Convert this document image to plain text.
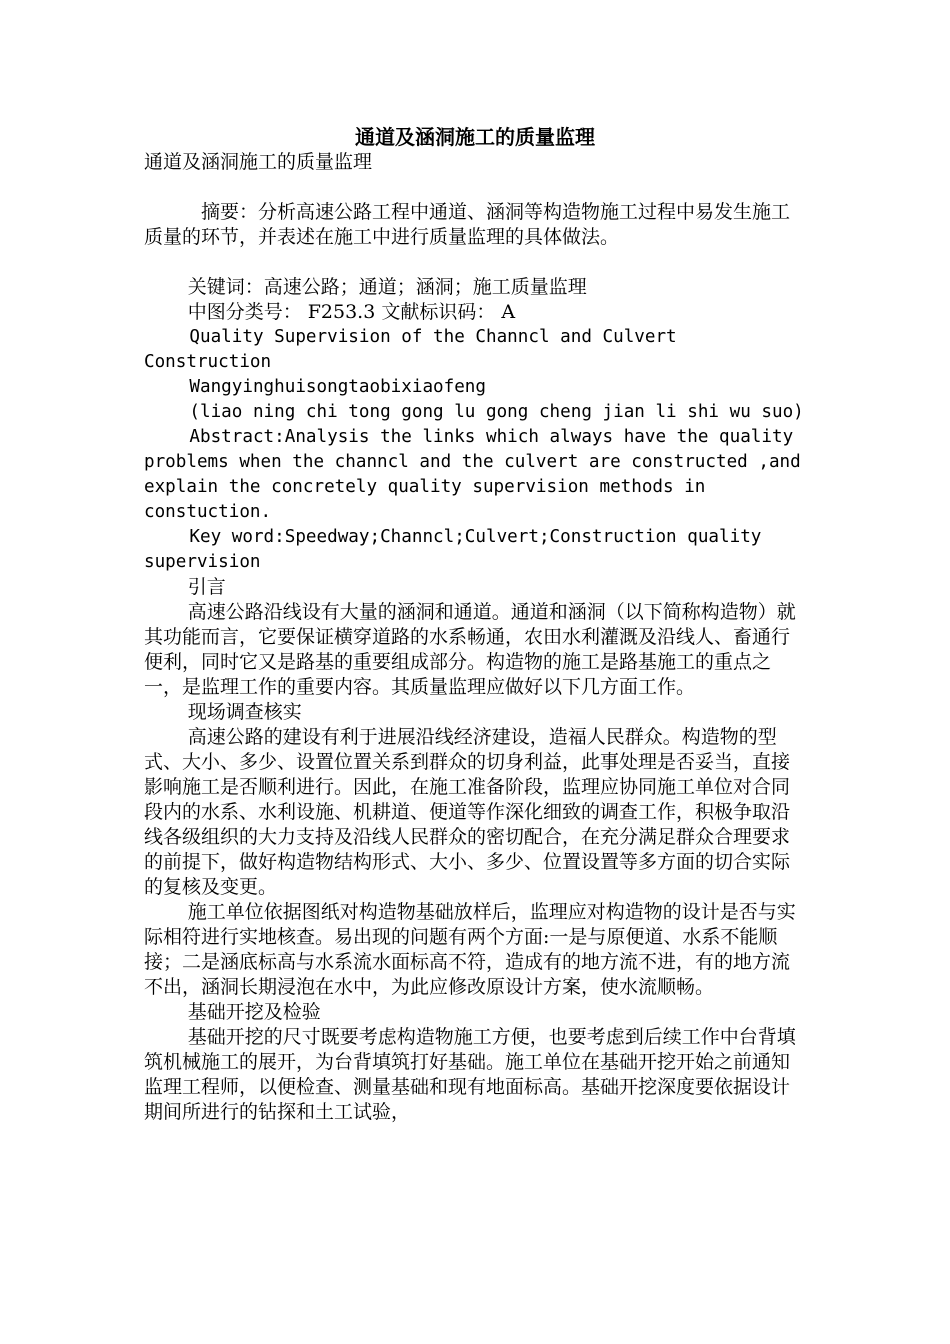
通道及涵洞施工的质量监理

通道及涵洞施工的质量监理

摘要：分析高速公路工程中通道、涵洞等构造物施工过程中易发生施工质量的环节，并表述在施工中进行质量监理的具体做法。

关键词：高速公路；通道；涵洞；施工质量监理

中图分类号： F253.3 文献标识码： A

Quality Supervision of the Channcl and Culvert Construction

Wangyinghuisongtaobixiaofeng

(liao ning chi tong gong lu gong cheng jian li shi wu suo)

Abstract:Analysis the links which always have the quality problems when the channcl and the culvert are constructed ,and explain the concretely quality supervision methods in constuction.

Key word:Speedway;Channcl;Culvert;Construction quality supervision

引言

高速公路沿线设有大量的涵洞和通道。通道和涵洞（以下简称构造物）就其功能而言，它要保证横穿道路的水系畅通，农田水利灌溉及沿线人、畜通行便利，同时它又是路基的重要组成部分。构造物的施工是路基施工的重点之一，是监理工作的重要内容。其质量监理应做好以下几方面工作。

现场调查核实

高速公路的建设有利于进展沿线经济建设，造福人民群众。构造物的型式、大小、多少、设置位置关系到群众的切身利益，此事处理是否妥当，直接影响施工是否顺利进行。因此，在施工准备阶段，监理应协同施工单位对合同段内的水系、水利设施、机耕道、便道等作深化细致的调查工作，积极争取沿线各级组织的大力支持及沿线人民群众的密切配合，在充分满足群众合理要求的前提下，做好构造物结构形式、大小、多少、位置设置等多方面的切合实际的复核及变更。

施工单位依据图纸对构造物基础放样后，监理应对构造物的设计是否与实际相符进行实地核查。易出现的问题有两个方面:一是与原便道、水系不能顺接；二是涵底标高与水系流水面标高不符，造成有的地方流不进，有的地方流不出，涵洞长期浸泡在水中，为此应修改原设计方案，使水流顺畅。

基础开挖及检验

基础开挖的尺寸既要考虑构造物施工方便，也要考虑到后续工作中台背填筑机械施工的展开，为台背填筑打好基础。施工单位在基础开挖开始之前通知监理工程师，以便检查、测量基础和现有地面标高。基础开挖深度要依据设计期间所进行的钻探和土工试验，
